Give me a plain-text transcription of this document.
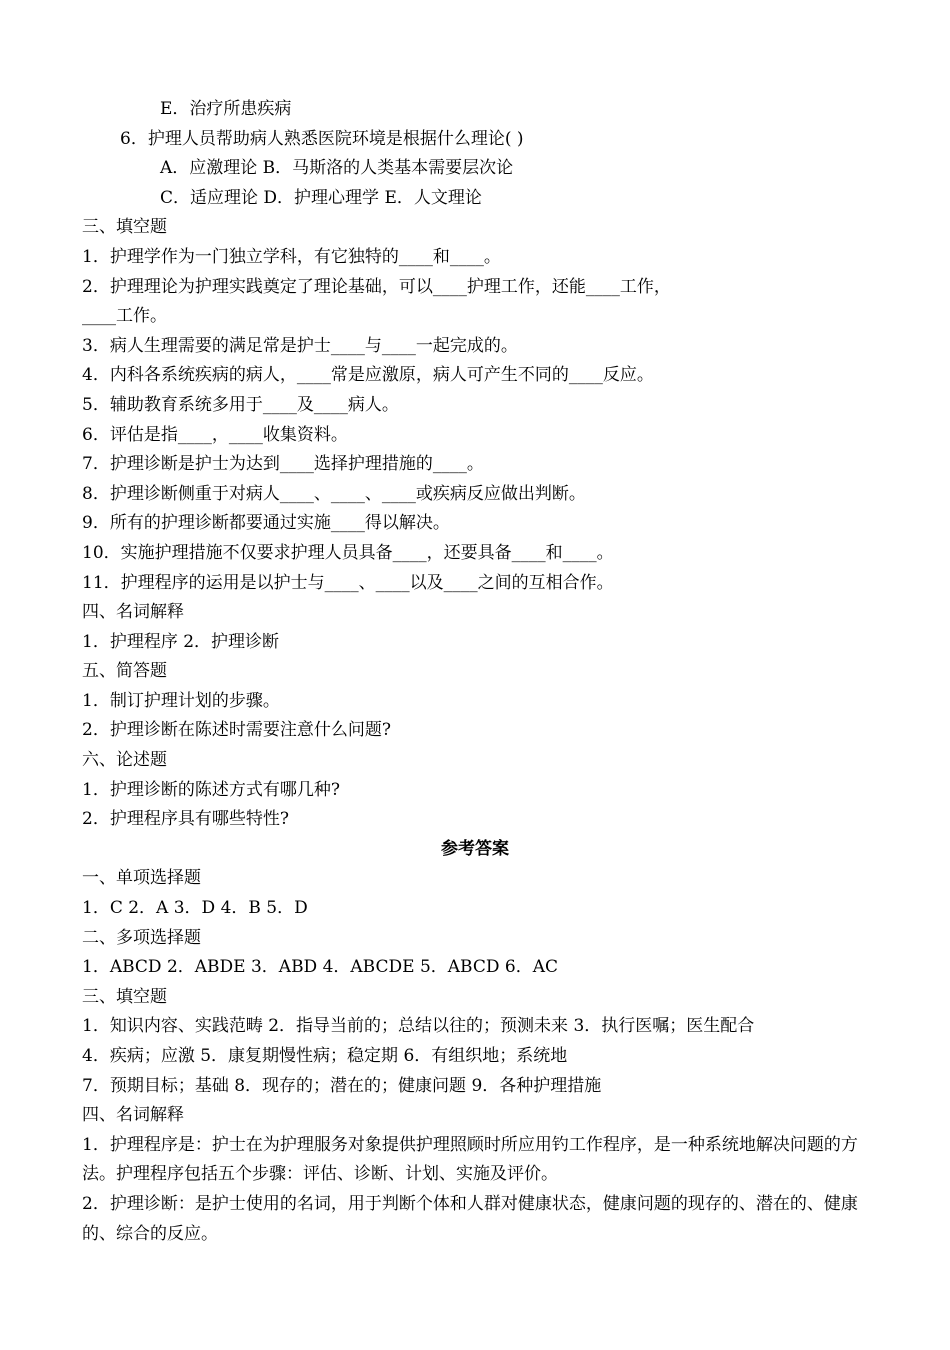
E．治疗所患疾病
6．护理人员帮助病人熟悉医院环境是根据什么理论( )
A．应激理论 B．马斯洛的人类基本需要层次论
C．适应理论 D．护理心理学 E．人文理论
三、填空题
1．护理学作为一门独立学科，有它独特的____和____。
2．护理理论为护理实践奠定了理论基础，可以____护理工作，还能____工作，
____工作。
3．病人生理需要的满足常是护士____与____一起完成的。
4．内科各系统疾病的病人，____常是应激原，病人可产生不同的____反应。
5．辅助教育系统多用于____及____病人。
6．评估是指____，____收集资料。
7．护理诊断是护士为达到____选择护理措施的____。
8．护理诊断侧重于对病人____、____、____或疾病反应做出判断。
9．所有的护理诊断都要通过实施____得以解决。
10．实施护理措施不仅要求护理人员具备____，还要具备____和____。
11．护理程序的运用是以护士与____、____以及____之间的互相合作。
四、名词解释
1．护理程序 2．护理诊断
五、简答题
1．制订护理计划的步骤。
2．护理诊断在陈述时需要注意什么问题?
六、论述题
1．护理诊断的陈述方式有哪几种?
2．护理程序具有哪些特性?
参考答案
一、单项选择题
1．C 2．A 3．D 4．B 5．D
二、多项选择题
1．ABCD 2．ABDE 3．ABD 4．ABCDE 5．ABCD 6．AC
三、填空题
1．知识内容、实践范畴 2．指导当前的；总结以往的；预测未来 3．执行医嘱；医生配合
4．疾病；应激 5．康复期慢性病；稳定期 6．有组织地；系统地
7．预期目标；基础 8．现存的；潜在的；健康问题 9．各种护理措施
四、名词解释
1．护理程序是：护士在为护理服务对象提供护理照顾时所应用钓工作程序，是一种系统地解决问题的方法。护理程序包括五个步骤：评估、诊断、计划、实施及评价。
2．护理诊断：是护士使用的名词，用于判断个体和人群对健康状态，健康问题的现存的、潜在的、健康的、综合的反应。
